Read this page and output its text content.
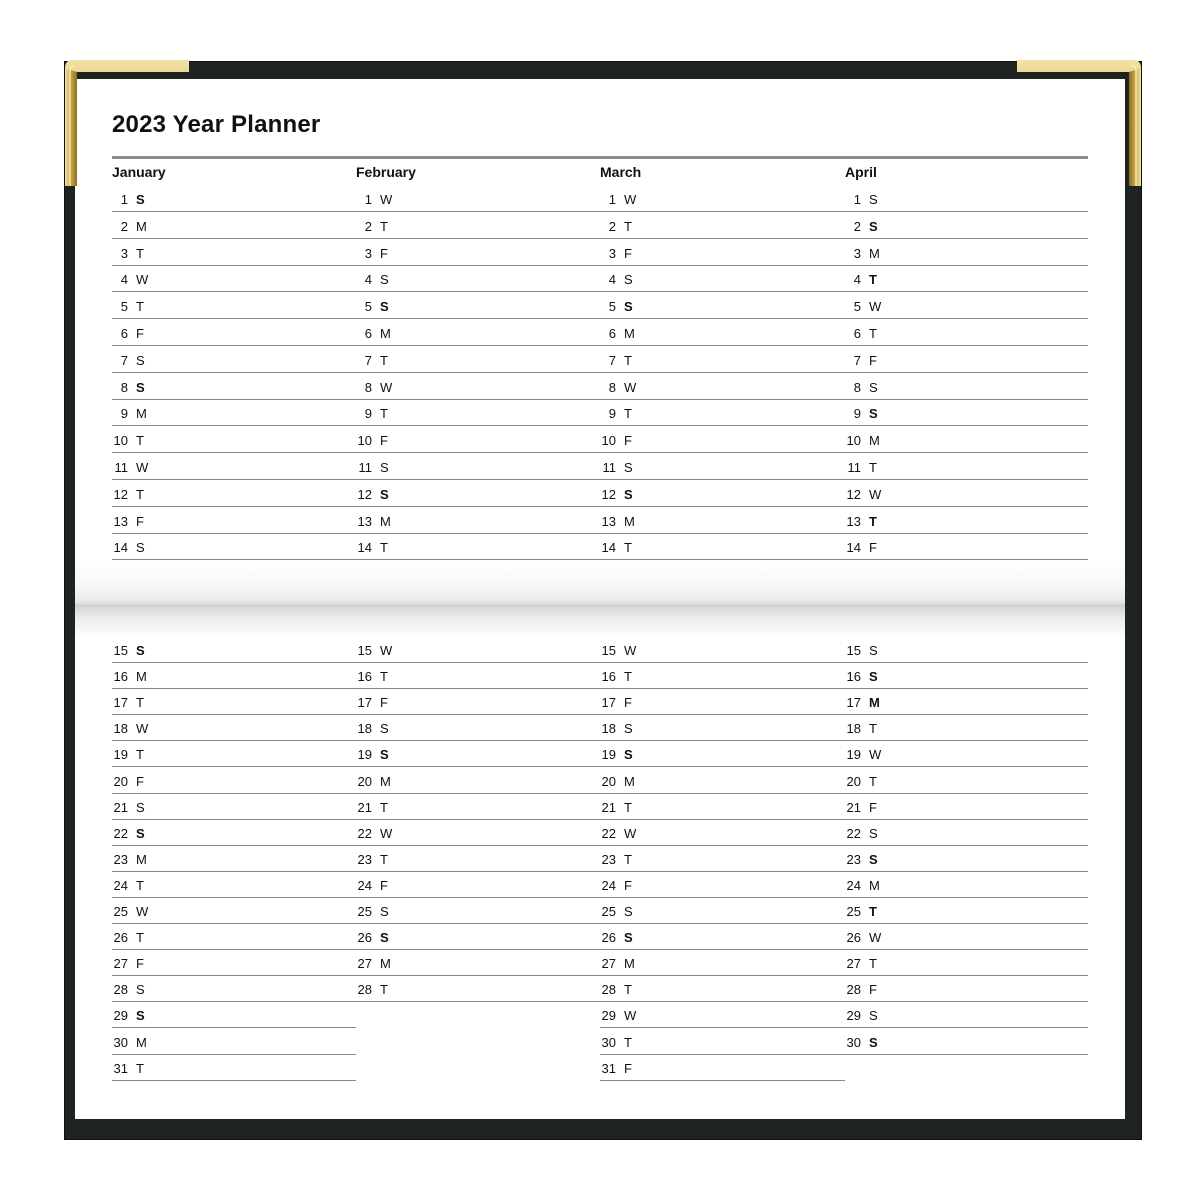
2023 Year Planner
January
1 S
2 M
3 T
4 W
5 T
6 F
7 S
8 S
9 M
10 T
11 W
12 T
13 F
14 S
15 S
16 M
17 T
18 W
19 T
20 F
21 S
22 S
23 M
24 T
25 W
26 T
27 F
28 S
29 S
30 M
31 T
February
1 W
2 T
3 F
4 S
5 S
6 M
7 T
8 W
9 T
10 F
11 S
12 S
13 M
14 T
15 W
16 T
17 F
18 S
19 S
20 M
21 T
22 W
23 T
24 F
25 S
26 S
27 M
28 T
March
1 W
2 T
3 F
4 S
5 S
6 M
7 T
8 W
9 T
10 F
11 S
12 S
13 M
14 T
15 W
16 T
17 F
18 S
19 S
20 M
21 T
22 W
23 T
24 F
25 S
26 S
27 M
28 T
29 W
30 T
31 F
April
1 S
2 S
3 M
4 T
5 W
6 T
7 F
8 S
9 S
10 M
11 T
12 W
13 T
14 F
15 S
16 S
17 M
18 T
19 W
20 T
21 F
22 S
23 S
24 M
25 T
26 W
27 T
28 F
29 S
30 S
